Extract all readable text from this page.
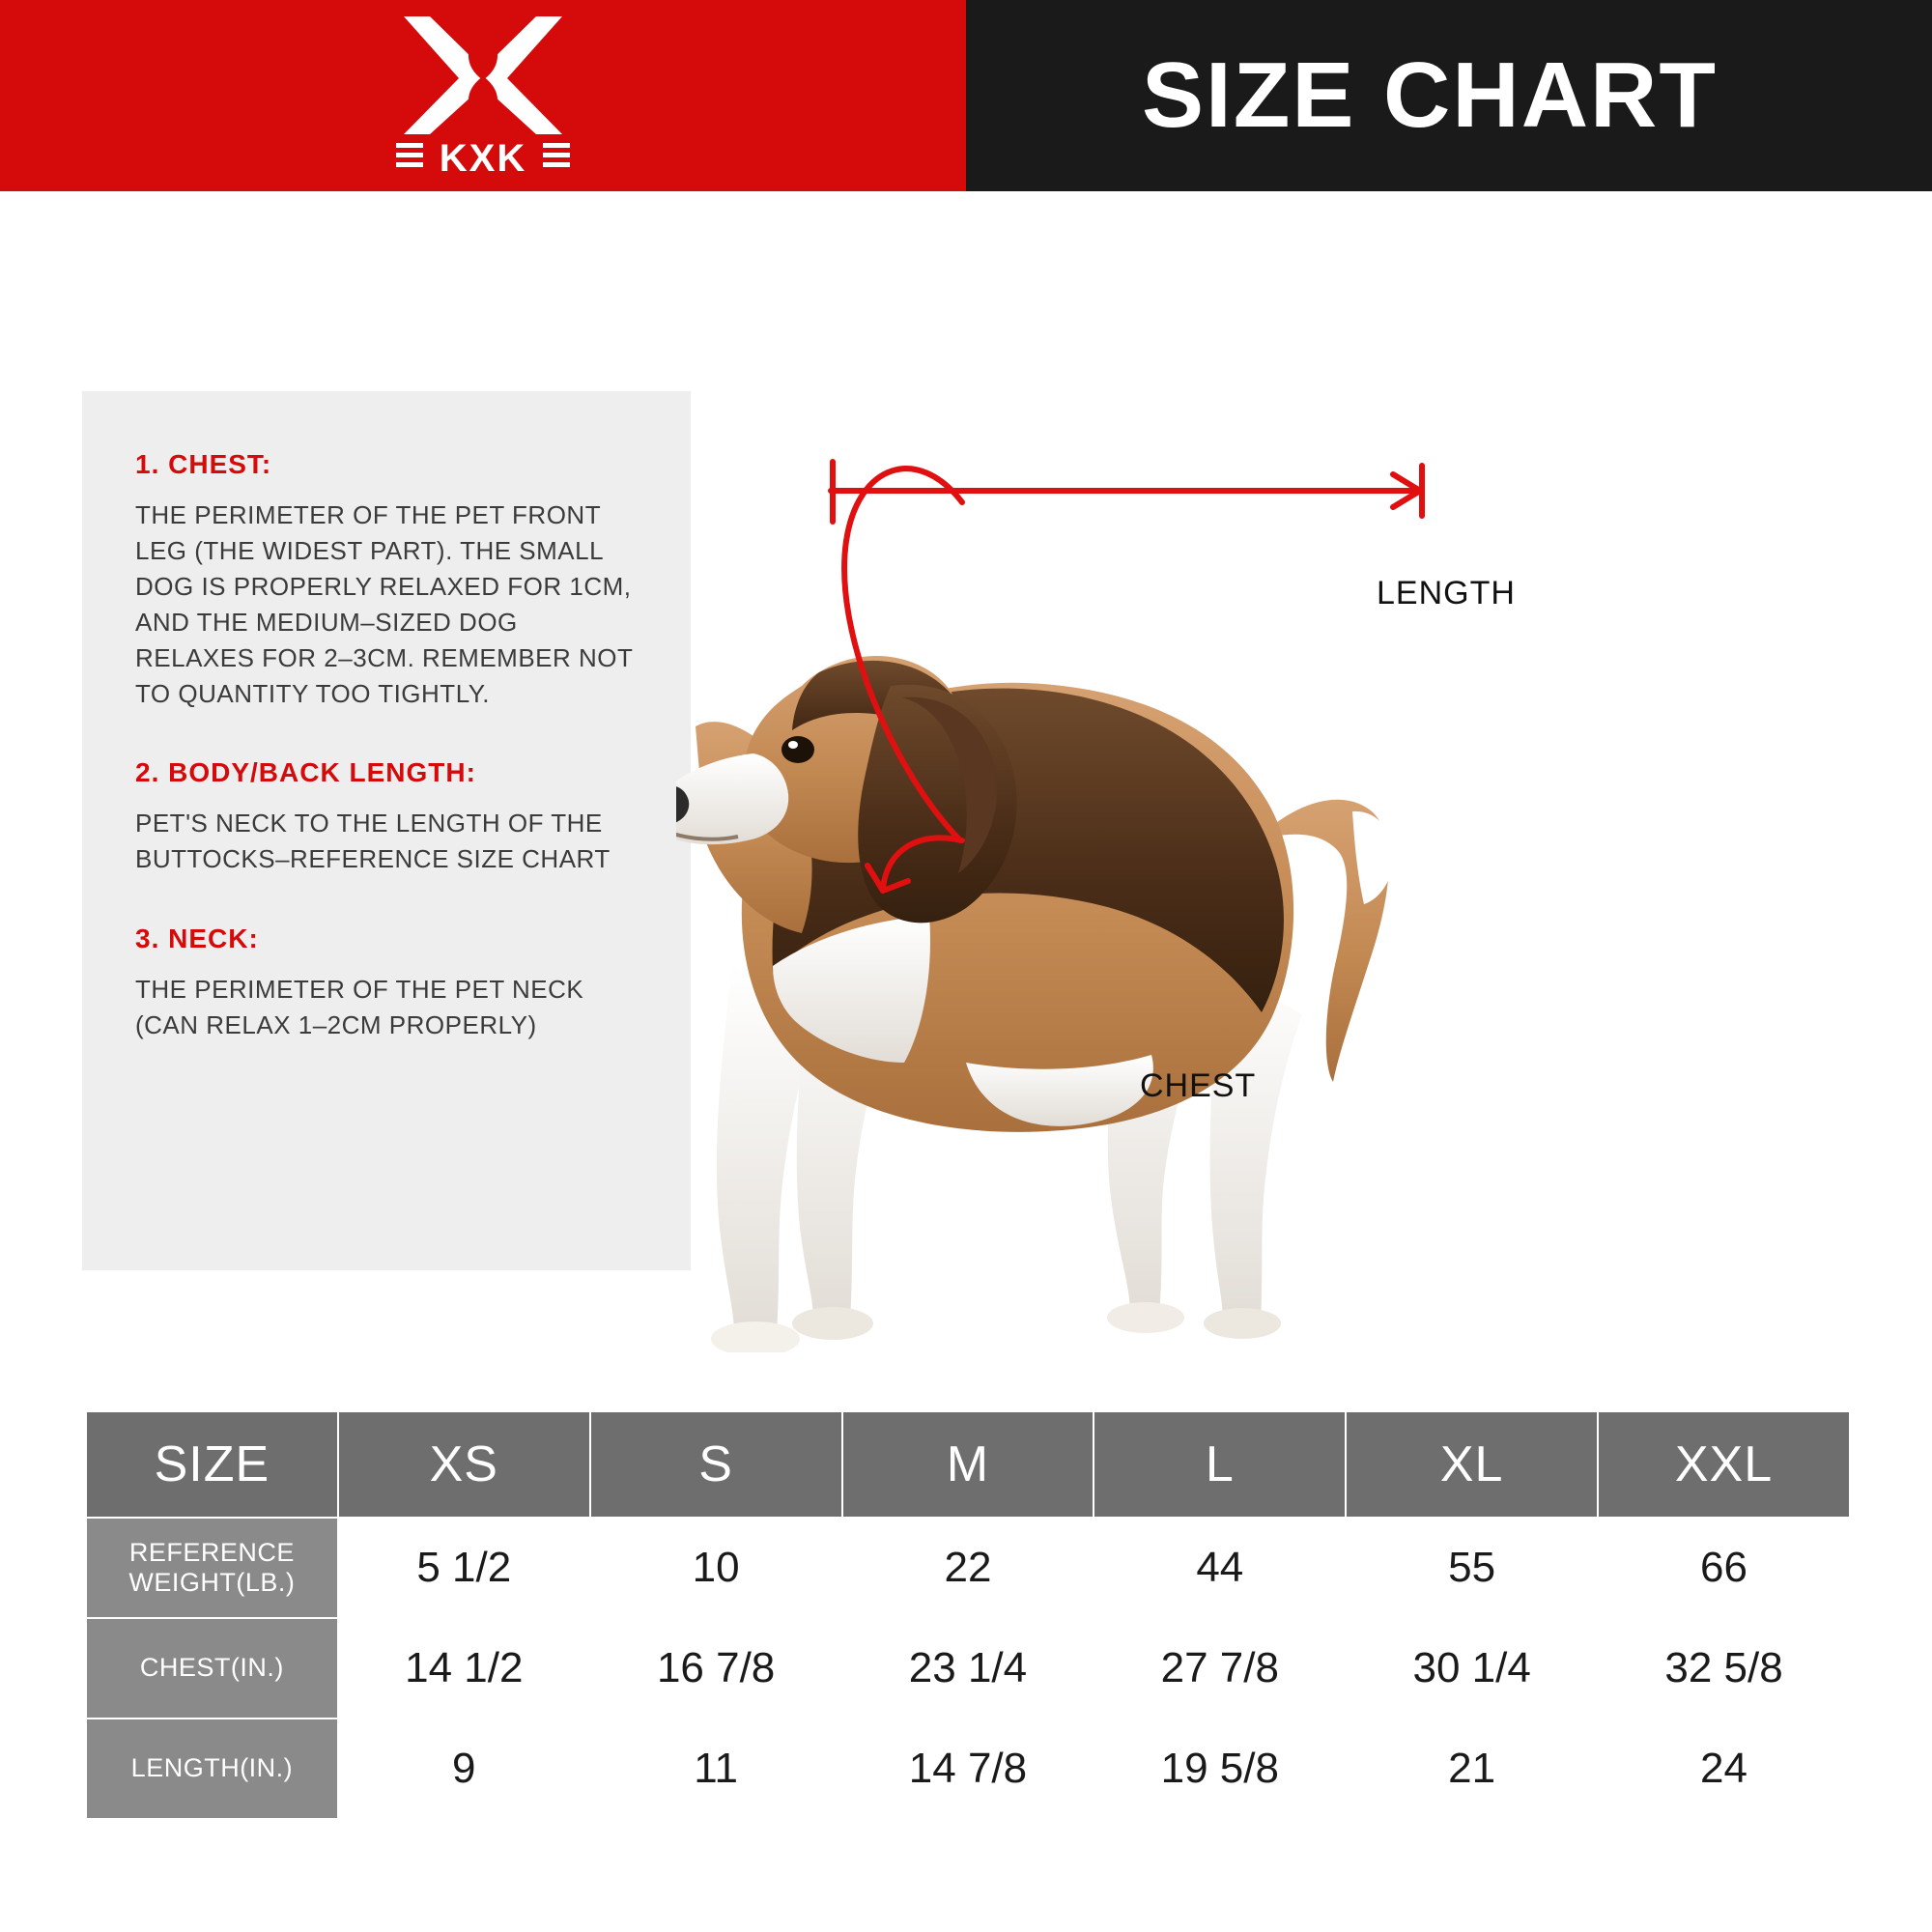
KXK
SIZE CHART
1. CHEST:
THE PERIMETER OF THE PET FRONT LEG (THE WIDEST PART). THE SMALL DOG IS PROPERLY RELAXED FOR 1CM, AND THE MEDIUM–SIZED DOG RELAXES FOR 2–3CM. REMEMBER NOT TO QUANTITY TOO TIGHTLY.
2. BODY/BACK LENGTH:
PET'S NECK TO THE LENGTH OF THE BUTTOCKS–REFERENCE SIZE CHART
3. NECK:
THE PERIMETER OF THE PET NECK (CAN RELAX 1–2CM PROPERLY)
LENGTH
CHEST
SIZE	XS	S	M	L	XL	XXL

REFERENCE
WEIGHT(LB.)	5 1/2	10	22	44	55	66

CHEST(IN.)	14 1/2	16 7/8	23 1/4	27 7/8	30 1/4	32 5/8

LENGTH(IN.)	9	11	14 7/8	19 5/8	21	24
